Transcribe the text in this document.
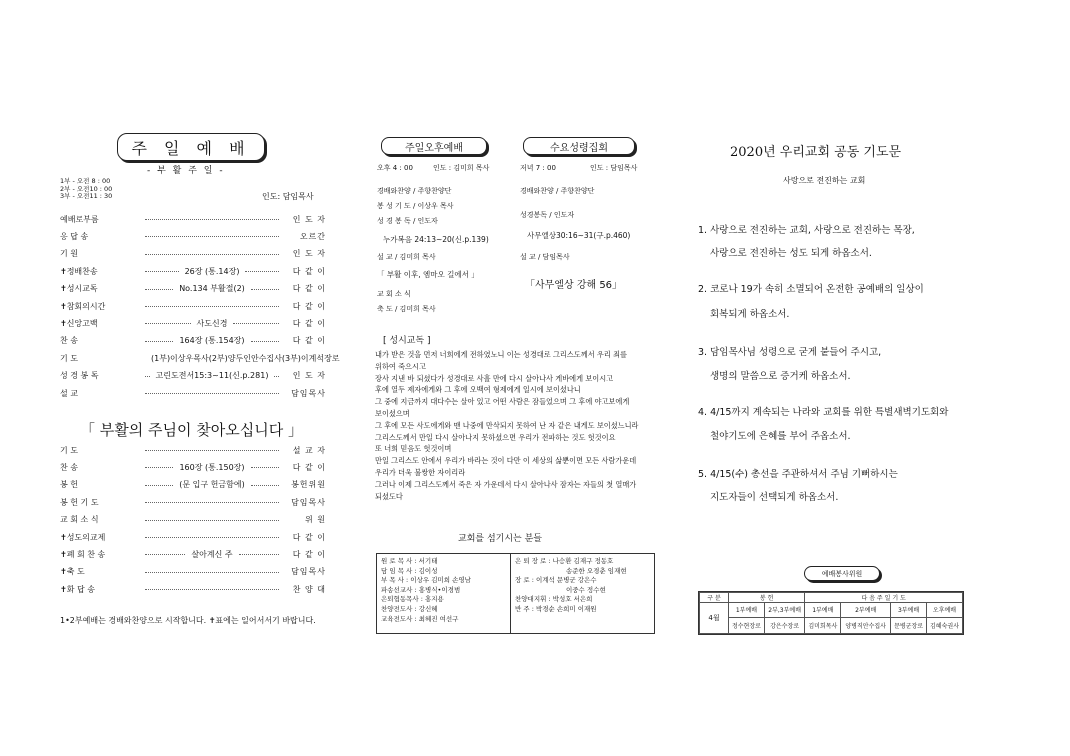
주 일 예 배
- 부 활 주 일 -
1부 - 오전 8 : 00
2부 - 오전10 : 00
3부 - 오전11 : 30	인도: 담임목사
예배로부름	인 도 자
응 답 송	오르간
기 원	인 도 자
✝정배찬송	26장 (통.14장)	다 같 이
✝성시교독	No.134 부활절(2)	다 같 이
✝참회의시간	다 같 이
✝신앙고백	사도신경	다 같 이
찬 송	164장 (통.154장)	다 같 이
기 도	(1부)이상우목사(2부)양두인안수집사(3부)이계석장로
성 경 봉 독	고린도전서15:3~11(신.p.281)	인 도 자
설 교	담임목사
「 부활의 주님이 찾아오십니다 」
기 도	설 교 자
찬 송	160장 (통.150장)	다 같 이
봉 헌	(문 입구 헌금함에)	봉헌위원
봉 헌 기 도	담임목사
교 회 소 식	위 원
✝성도의교제	다 같 이
✝폐 회 찬 송	살아계신 주	다 같 이
✝축 도	담임목사
✝화 답 송	찬 양 대
1•2부예배는 경배와찬양으로 시작합니다. ✝표에는 일어서서기 바랍니다.
주일오후예배	수요성령집회
오후 4 : 00	인도 : 김미희 목사	저녁 7 : 00	인도 : 담임목사
경배와찬양 / 주향찬양단
봉 성 기 도 / 이상우 목사
성 경 봉 독 / 인도자
누가복음 24:13~20(신.p.139)
설 교 / 김미희 목사
「 부활 이후, 엠마오 길에서 」
교 회 소 식
축 도 / 김미희 목사
경배와찬양 / 주향찬양단
성경봉독 / 인도자
사무엘상30:16~31(구.p.460)
설 교 / 담임목사
「사무엘상 강해 56」
[ 성시교독 ]
내가 받은 것을 먼저 너희에게 전하였노니 이는 성경대로 그리스도께서 우리 죄를
위하여 죽으시고
장사 지낸 바 되셨다가 성경대로 사흘 만에 다시 살아나사 게바에게 보이시고
후에 열두 제자에게와 그 후에 오백여 형제에게 일시에 보이셨나니
그 중에 지금까지 대다수는 살아 있고 어떤 사람은 잠들었으며 그 후에 야고보에게
보이셨으며
그 후에 모든 사도에게와 맨 나중에 만삭되지 못하여 난 자 같은 내게도 보이셨느니라
그리스도께서 만일 다시 살아나지 못하셨으면 우리가 전파하는 것도 헛것이요
또 너희 믿음도 헛것이며
만일 그리스도 안에서 우리가 바라는 것이 다만 이 세상의 삶뿐이면 모든 사람가운데
우리가 더욱 불쌍한 자이리라
그러나 이제 그리스도께서 죽은 자 가운데서 다시 살아나사 잠자는 자들의 첫 열매가
되셨도다
교회를 섬기시는 분들
원 로 목 사 : 서기태
담 임 목 사 : 김이성
부 목 사 : 이상우 김미희 손영남
파송선교사 : 홍병식•이경범
은퇴협동목사 : 홍지용
찬양전도사 : 강신혜
교육전도사 : 최혜진 여선구
은 퇴 장 로 : 나승환 김재구 정동호
송준한 오경춘 임재현
장 로 : 이계석 문병군 강은수
이중수 정수현
찬양대지휘 : 박성호 서은희
반 주 : 박경순 손희미 이재원
2020년 우리교회 공동 기도문
사랑으로 전진하는 교회
1. 사랑으로 전진하는 교회, 사랑으로 전진하는 목장,
사랑으로 전진하는 성도 되게 하옵소서.
2. 코로나 19가 속히 소멸되어 온전한 공예배의 일상이
회복되게 하옵소서.
3. 담임목사님 성령으로 굳게 붙들어 주시고,
생명의 말씀으로 증거케 하옵소서.
4. 4/15까지 계속되는 나라와 교회를 위한 특별새벽기도회와
철야기도에 은혜를 부어 주옵소서.
5. 4/15(수) 총선을 주관하셔서 주님 기뻐하시는
지도자들이 선택되게 하옵소서.
예배봉사위원
구 분	봉 헌		다 음 주 일 기 도			
4월	1부예배	2부,3부예배	1부예배	2부예배	3부예배	오후예배
	정수현장로	강은수장로	김미희목사	양병직안수집사	문병군장로	김혜숙권사
